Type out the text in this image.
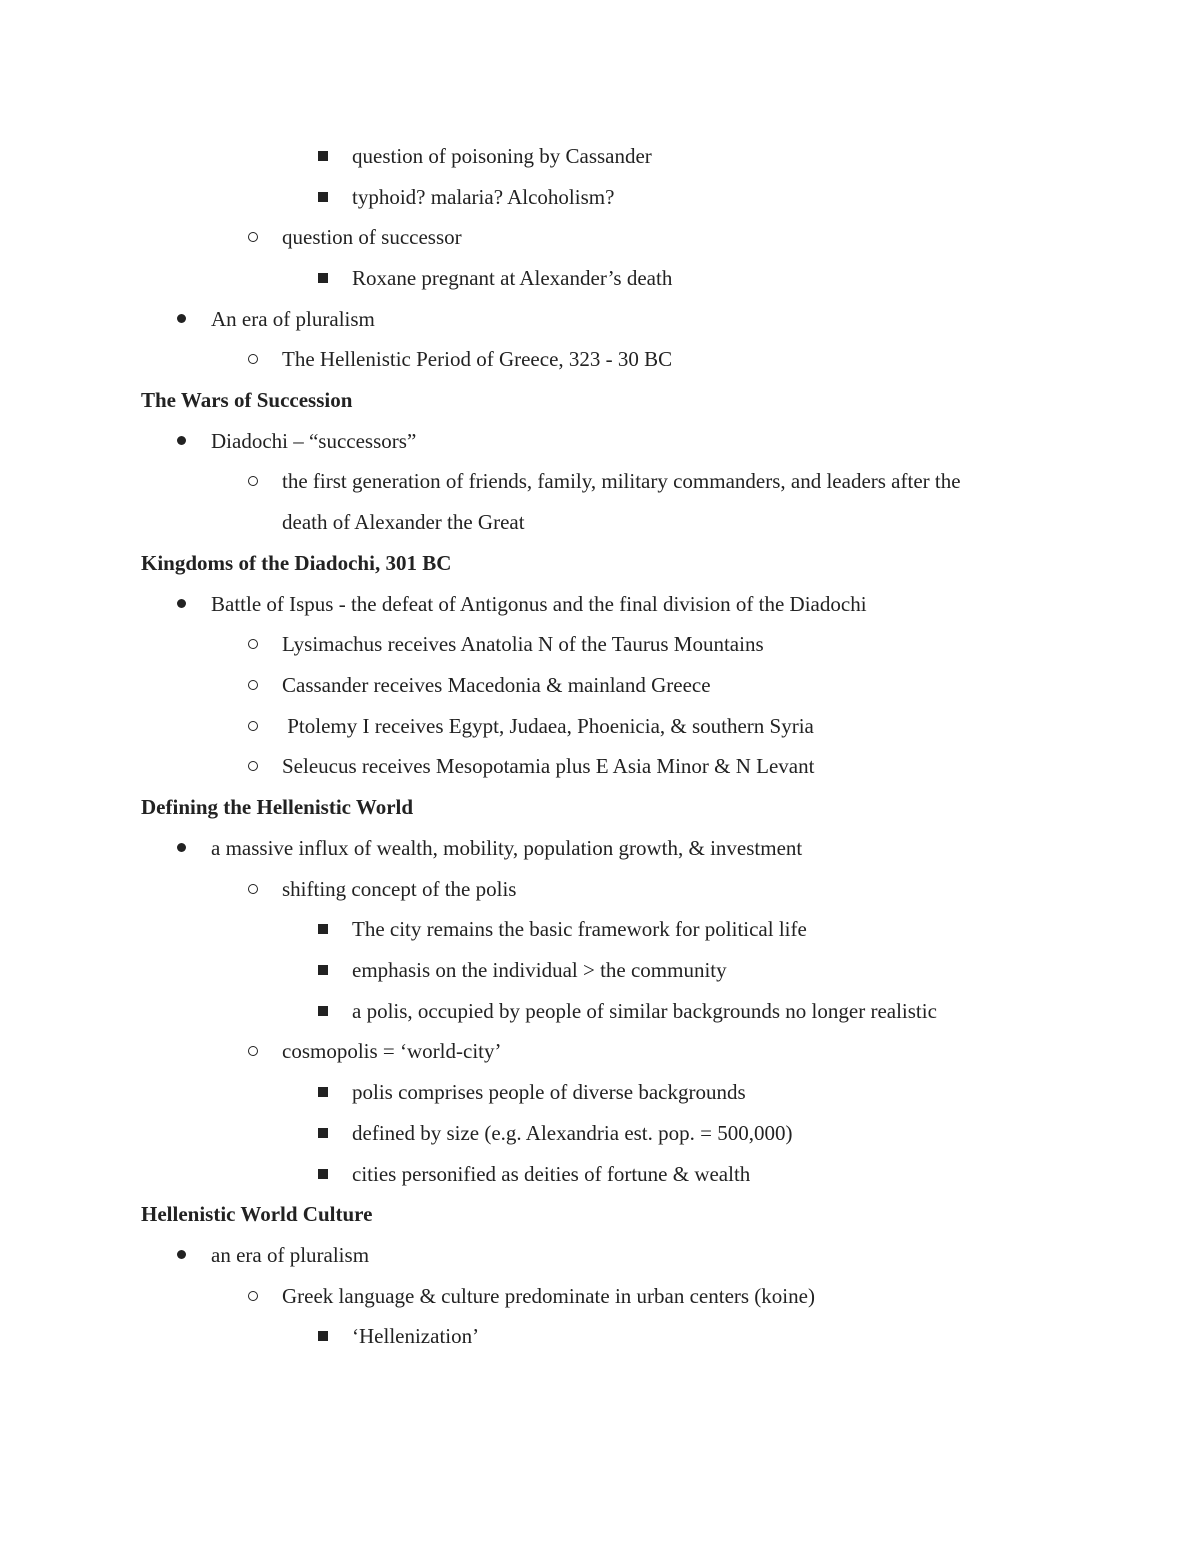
question of poisoning by Cassander
typhoid? malaria? Alcoholism?
question of successor
Roxane pregnant at Alexander’s death
An era of pluralism
The Hellenistic Period of Greece, 323 - 30 BC
The Wars of Succession
Diadochi – “successors”
the first generation of friends, family, military commanders, and leaders after the
death of Alexander the Great
Kingdoms of the Diadochi, 301 BC
Battle of Ispus - the defeat of Antigonus and the final division of the Diadochi
Lysimachus receives Anatolia N of the Taurus Mountains
Cassander receives Macedonia & mainland Greece
Ptolemy I receives Egypt, Judaea, Phoenicia, & southern Syria
Seleucus receives Mesopotamia plus E Asia Minor & N Levant
Defining the Hellenistic World
a massive influx of wealth, mobility, population growth, & investment
shifting concept of the polis
The city remains the basic framework for political life
emphasis on the individual > the community
a polis, occupied by people of similar backgrounds no longer realistic
cosmopolis = ‘world-city’
polis comprises people of diverse backgrounds
defined by size (e.g. Alexandria est. pop. = 500,000)
cities personified as deities of fortune & wealth
Hellenistic World Culture
an era of pluralism
Greek language & culture predominate in urban centers (koine)
‘Hellenization’
